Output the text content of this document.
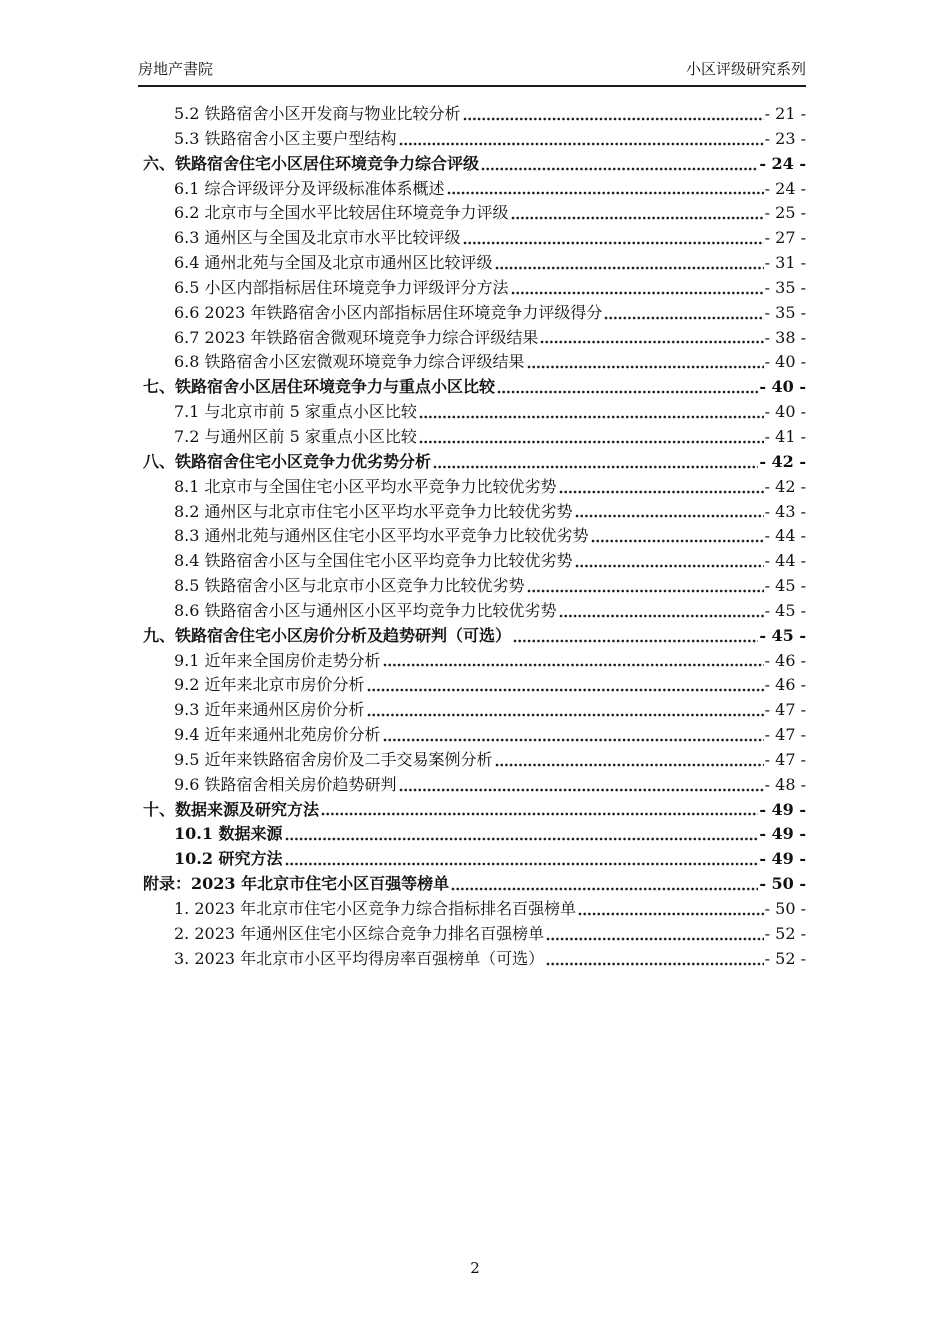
房地产書院	小区评级研究系列
5.2 铁路宿舍小区开发商与物业比较分析	- 21 -
5.3 铁路宿舍小区主要户型结构	- 23 -
六、铁路宿舍住宅小区居住环境竞争力综合评级	- 24 -
6.1 综合评级评分及评级标准体系概述	- 24 -
6.2 北京市与全国水平比较居住环境竞争力评级	- 25 -
6.3 通州区与全国及北京市水平比较评级	- 27 -
6.4 通州北苑与全国及北京市通州区比较评级	- 31 -
6.5 小区内部指标居住环境竞争力评级评分方法	- 35 -
6.6 2023 年铁路宿舍小区内部指标居住环境竞争力评级得分	- 35 -
6.7 2023 年铁路宿舍微观环境竞争力综合评级结果	- 38 -
6.8 铁路宿舍小区宏微观环境竞争力综合评级结果	- 40 -
七、铁路宿舍小区居住环境竞争力与重点小区比较	- 40 -
7.1 与北京市前 5 家重点小区比较	- 40 -
7.2 与通州区前 5 家重点小区比较	- 41 -
八、铁路宿舍住宅小区竞争力优劣势分析	- 42 -
8.1 北京市与全国住宅小区平均水平竞争力比较优劣势	- 42 -
8.2 通州区与北京市住宅小区平均水平竞争力比较优劣势	- 43 -
8.3 通州北苑与通州区住宅小区平均水平竞争力比较优劣势	- 44 -
8.4 铁路宿舍小区与全国住宅小区平均竞争力比较优劣势	- 44 -
8.5 铁路宿舍小区与北京市小区竞争力比较优劣势	- 45 -
8.6 铁路宿舍小区与通州区小区平均竞争力比较优劣势	- 45 -
九、铁路宿舍住宅小区房价分析及趋势研判（可选）	- 45 -
9.1 近年来全国房价走势分析	- 46 -
9.2 近年来北京市房价分析	- 46 -
9.3 近年来通州区房价分析	- 47 -
9.4 近年来通州北苑房价分析	- 47 -
9.5 近年来铁路宿舍房价及二手交易案例分析	- 47 -
9.6 铁路宿舍相关房价趋势研判	- 48 -
十、数据来源及研究方法	- 49 -
10.1 数据来源	- 49 -
10.2 研究方法	- 49 -
附录：2023 年北京市住宅小区百强等榜单	- 50 -
1. 2023 年北京市住宅小区竞争力综合指标排名百强榜单	- 50 -
2. 2023 年通州区住宅小区综合竞争力排名百强榜单	- 52 -
3. 2023 年北京市小区平均得房率百强榜单（可选）	- 52 -
2
